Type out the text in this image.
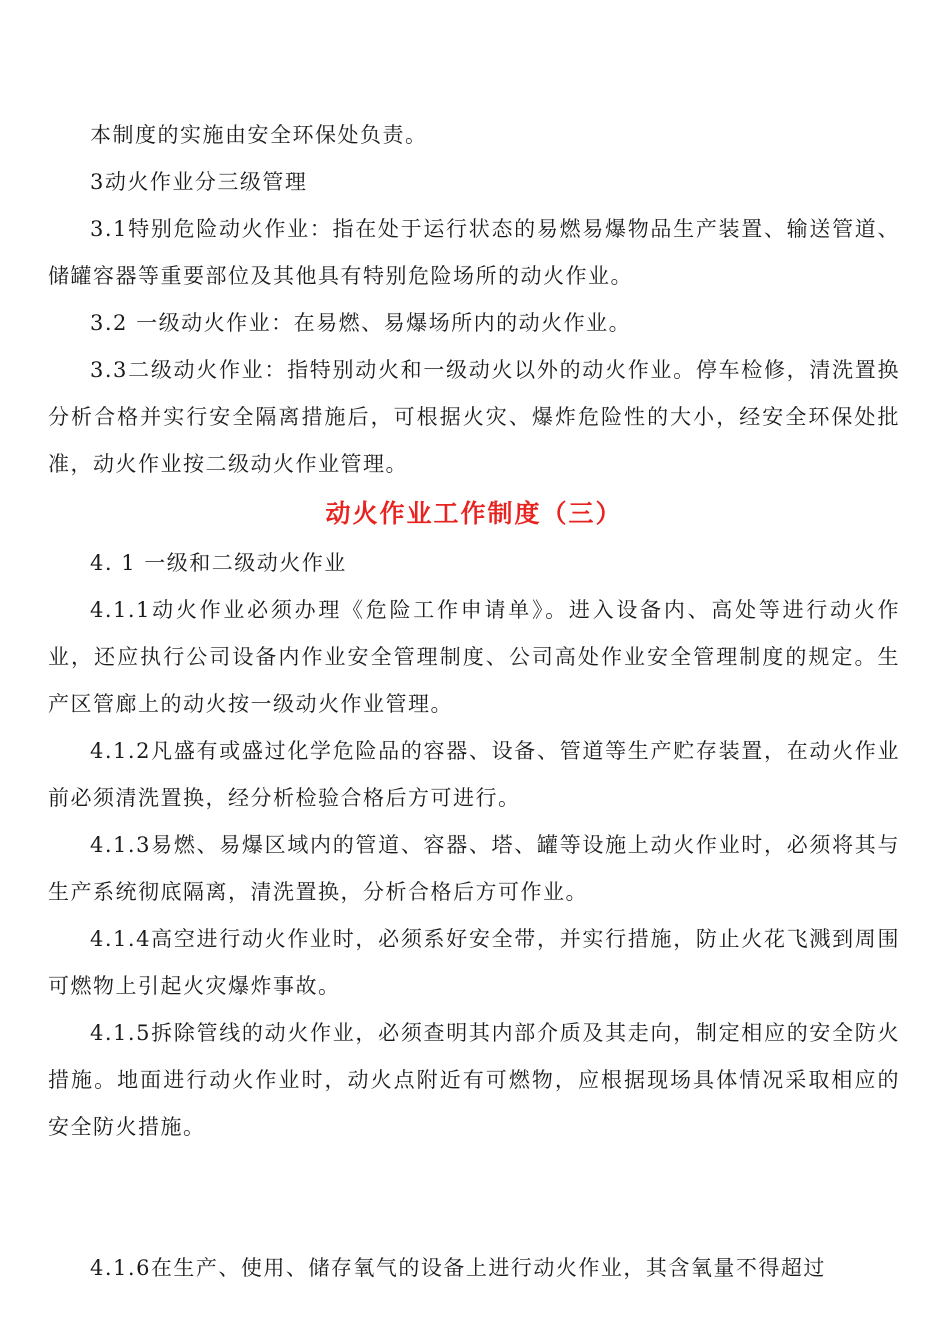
本制度的实施由安全环保处负责。

3动火作业分三级管理

3.1特别危险动火作业：指在处于运行状态的易燃易爆物品生产装置、输送管道、储罐容器等重要部位及其他具有特别危险场所的动火作业。

3.2 一级动火作业：在易燃、易爆场所内的动火作业。

3.3二级动火作业：指特别动火和一级动火以外的动火作业。停车检修，清洗置换分析合格并实行安全隔离措施后，可根据火灾、爆炸危险性的大小，经安全环保处批准，动火作业按二级动火作业管理。

动火作业工作制度（三）

4. 1 一级和二级动火作业

4.1.1动火作业必须办理《危险工作申请单》。进入设备内、高处等进行动火作业，还应执行公司设备内作业安全管理制度、公司高处作业安全管理制度的规定。生产区管廊上的动火按一级动火作业管理。

4.1.2凡盛有或盛过化学危险品的容器、设备、管道等生产贮存装置，在动火作业前必须清洗置换，经分析检验合格后方可进行。

4.1.3易燃、易爆区域内的管道、容器、塔、罐等设施上动火作业时，必须将其与生产系统彻底隔离，清洗置换，分析合格后方可作业。

4.1.4高空进行动火作业时，必须系好安全带，并实行措施，防止火花飞溅到周围可燃物上引起火灾爆炸事故。

4.1.5拆除管线的动火作业，必须查明其内部介质及其走向，制定相应的安全防火措施。地面进行动火作业时，动火点附近有可燃物，应根据现场具体情况采取相应的安全防火措施。

4.1.6在生产、使用、储存氧气的设备上进行动火作业，其含氧量不得超过
